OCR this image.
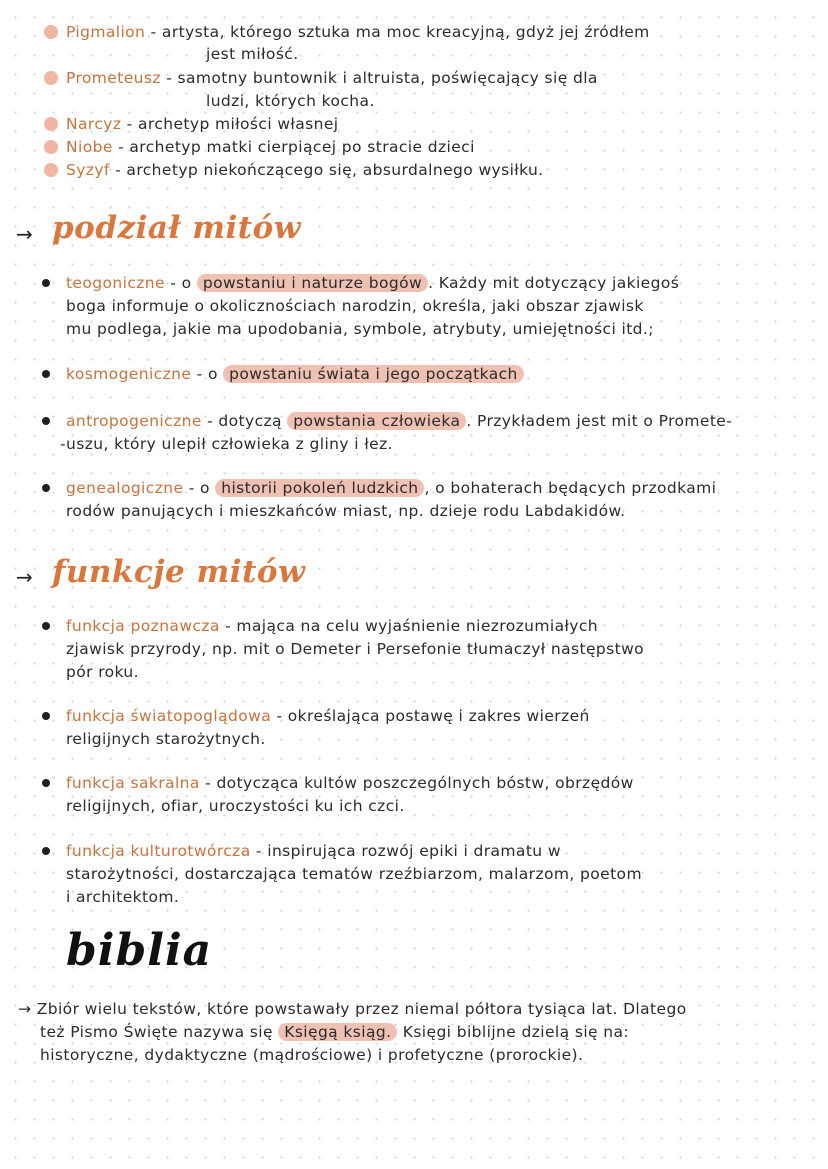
Pigmalion - artysta, którego sztuka ma moc kreacyjną, gdyż jej źródłem
jest miłość.
Prometeusz - samotny buntownik i altruista, poświęcający się dla
ludzi, których kocha.
Narcyz - archetyp miłości własnej
Niobe - archetyp matki cierpiącej po stracie dzieci
Syzyf - archetyp niekończącego się, absurdalnego wysiłku.
→ podział mitów
teogoniczne - o powstaniu i naturze bogów . Każdy mit dotyczący jakiegoś
boga informuje o okolicznościach narodzin, określa, jaki obszar zjawisk
mu podlega, jakie ma upodobania, symbole, atrybuty, umiejętności itd.;
kosmogeniczne - o powstaniu świata i jego początkach
antropogeniczne - dotyczą powstania człowieka . Przykładem jest mit o Promete-
-uszu, który ulepił człowieka z gliny i łez.
genealogiczne - o historii pokoleń ludzkich , o bohaterach będących przodkami
rodów panujących i mieszkańców miast, np. dzieje rodu Labdakidów.
→ funkcje mitów
funkcja poznawcza - mająca na celu wyjaśnienie niezrozumiałych
zjawisk przyrody, np. mit o Demeter i Persefonie tłumaczył następstwo
pór roku.
funkcja światopoglądowa - określająca postawę i zakres wierzeń
religijnych starożytnych.
funkcja sakralna - dotycząca kultów poszczególnych bóstw, obrzędów
religijnych, ofiar, uroczystości ku ich czci.
funkcja kulturotwórcza - inspirująca rozwój epiki i dramatu w
starożytności, dostarczająca tematów rzeźbiarzom, malarzom, poetom
i architektom.
biblia
→ Zbiór wielu tekstów, które powstawały przez niemal półtora tysiąca lat. Dlatego
też Pismo Święte nazywa się Księgą ksiąg. Księgi biblijne dzielą się na:
historyczne, dydaktyczne (mądrościowe) i profetyczne (prorockie).
